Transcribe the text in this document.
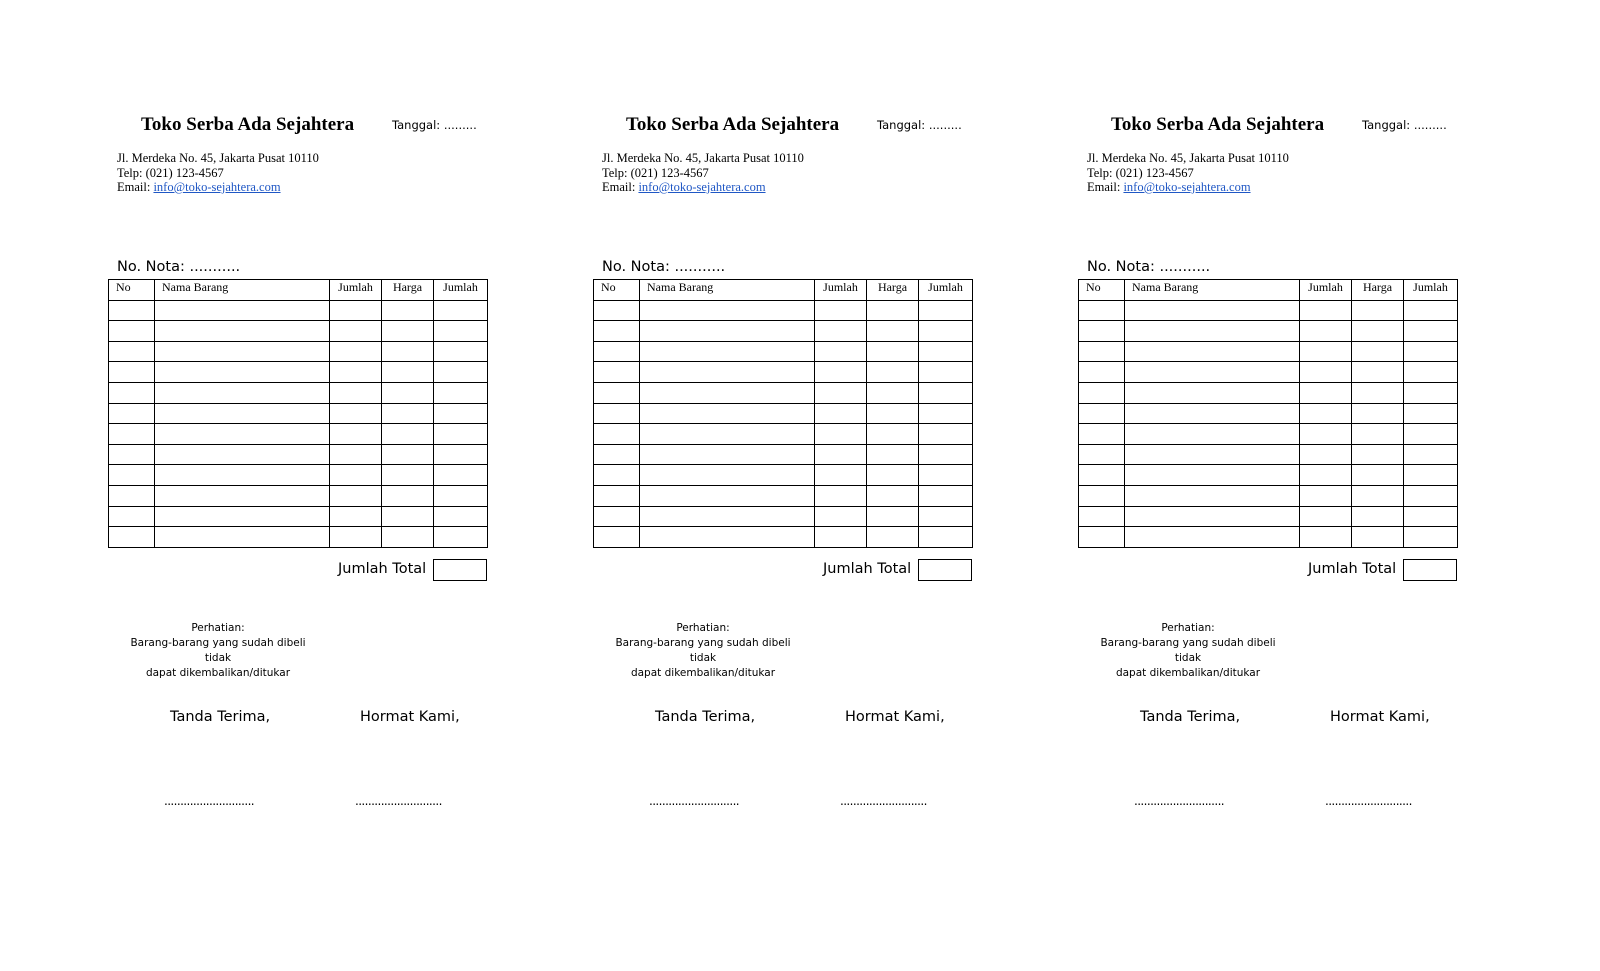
Toko Serba Ada Sejahtera	Tanggal: .........
Jl. Merdeka No. 45, Jakarta Pusat 10110
Telp: (021) 123-4567
Email: info@toko-sejahtera.com
No. Nota: ...........
No	Nama Barang	Jumlah	Harga	Jumlah

Jumlah Total
Perhatian:
Barang-barang yang sudah dibeli tidak
dapat dikembalikan/ditukar
Tanda Terima,	Hormat Kami,
............................	...........................
Toko Serba Ada Sejahtera	Tanggal: .........
Jl. Merdeka No. 45, Jakarta Pusat 10110
Telp: (021) 123-4567
Email: info@toko-sejahtera.com
No. Nota: ...........
No	Nama Barang	Jumlah	Harga	Jumlah

Jumlah Total
Perhatian:
Barang-barang yang sudah dibeli tidak
dapat dikembalikan/ditukar
Tanda Terima,	Hormat Kami,
............................	...........................
Toko Serba Ada Sejahtera	Tanggal: .........
Jl. Merdeka No. 45, Jakarta Pusat 10110
Telp: (021) 123-4567
Email: info@toko-sejahtera.com
No. Nota: ...........
No	Nama Barang	Jumlah	Harga	Jumlah

Jumlah Total
Perhatian:
Barang-barang yang sudah dibeli tidak
dapat dikembalikan/ditukar
Tanda Terima,	Hormat Kami,
............................	...........................
